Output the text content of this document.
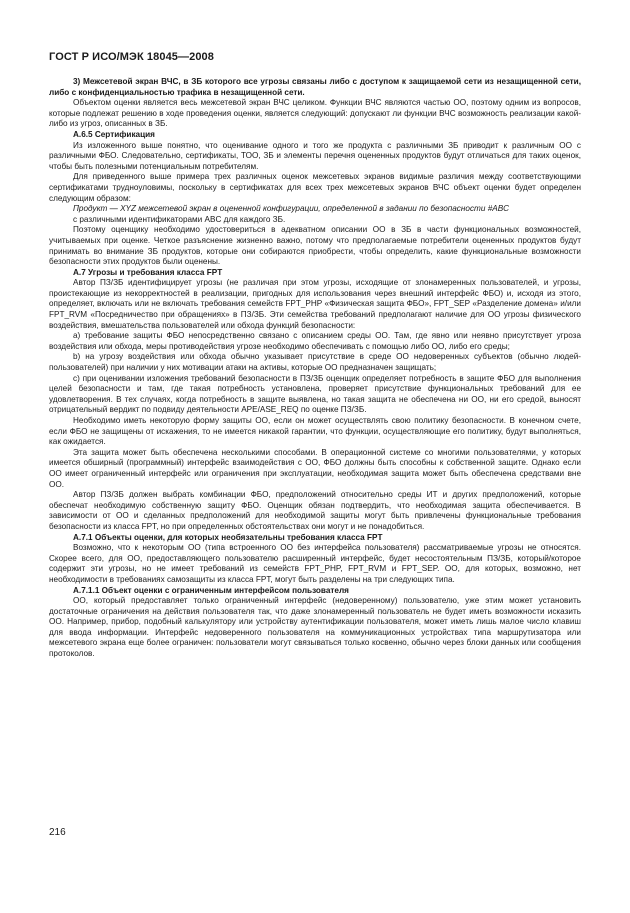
ГОСТ Р ИСО/МЭК 18045—2008

3) Межсетевой экран ВЧС, в ЗБ которого все угрозы связаны либо с доступом к защищаемой сети из незащищенной сети, либо с конфиденциальностью трафика в незащищенной сети.

Объектом оценки является весь межсетевой экран ВЧС целиком. Функции ВЧС являются частью ОО, поэтому одним из вопросов, которые подлежат решению в ходе проведения оценки, является следующий: допускают ли функции ВЧС возможность реализации какой-либо из угроз, описанных в ЗБ.

А.6.5 Сертификация

Из изложенного выше понятно, что оценивание одного и того же продукта с различными ЗБ приводит к различным ОО с различными ФБО. Следовательно, сертификаты, ТОО, ЗБ и элементы перечня оцененных продуктов будут отличаться для таких оценок, чтобы быть полезными потенциальным потребителям.

Для приведенного выше примера трех различных оценок межсетевых экранов видимые различия между соответствующими сертификатами труднoуловимы, поскольку в сертификатах для всех трех межсетевых экранов ВЧС объект оценки будет определен следующим образом:

Продукт — XYZ межсетевой экран в оцененной конфигурации, определенной в задании по безопасности #ABC

с различными идентификаторами ABC для каждого ЗБ.

Поэтому оценщику необходимо удостовериться в адекватном описании ОО в ЗБ в части функциональных возможностей, учитываемых при оценке. Четкое разъяснение жизненно важно, потому что предполагаемые потребители оцененных продуктов будут принимать во внимание ЗБ продуктов, которые они собираются приобрести, чтобы определить, какие функциональные возможности безопасности этих продуктов были оценены.

А.7 Угрозы и требования класса FPT

Автор ПЗ/ЗБ идентифицирует угрозы (не различая при этом угрозы, исходящие от злонамеренных пользователей, и угрозы, проистекающие из некорректностей в реализации, пригодных для использования через внешний интерфейс ФБО) и, исходя из этого, определяет, включать или не включать требования семейств FPT_PHP «Физическая защита ФБО», FPT_SEP «Разделение домена» и/или FPT_RVM «Посредничество при обращениях» в ПЗ/ЗБ. Эти семейства требований предполагают наличие для ОО угрозы физического воздействия, вмешательства пользователей или обхода функций безопасности:

a) требование защиты ФБО непосредственно связано с описанием среды ОО. Там, где явно или неявно присутствует угроза воздействия или обхода, меры противодействия угрозе необходимо обеспечивать с помощью либо ОО, либо его среды;

b) на угрозу воздействия или обхода обычно указывает присутствие в среде ОО недоверенных субъектов (обычно людей-пользователей) при наличии у них мотивации атаки на активы, которые ОО предназначен защищать;

c) при оценивании изложения требований безопасности в ПЗ/ЗБ оценщик определяет потребность в защите ФБО для выполнения целей безопасности и там, где такая потребность установлена, проверяет присутствие функциональных требований для ее удовлетворения. В тех случаях, когда потребность в защите выявлена, но такая защита не обеспечена ни ОО, ни его средой, выносят отрицательный вердикт по подвиду деятельности APE/ASE_REQ по оценке ПЗ/ЗБ.

Необходимо иметь некоторую форму защиты ОО, если он может осуществлять свою политику безопасности. В конечном счете, если ФБО не защищены от искажения, то не имеется никакой гарантии, что функции, осуществляющие его политику, будут выполняться, как ожидается.

Эта защита может быть обеспечена несколькими способами. В операционной системе со многими пользователями, у которых имеется обширный (программный) интерфейс взаимодействия с ОО, ФБО должны быть способны к собственной защите. Однако если ОО имеет ограниченный интерфейс или ограничения при эксплуатации, необходимая защита может быть обеспечена средствами вне ОО.

Автор ПЗ/ЗБ должен выбрать комбинации ФБО, предположений относительно среды ИТ и других предположений, которые обеспечат необходимую собственную защиту ФБО. Оценщик обязан подтвердить, что необходимая защита обеспечивается. В зависимости от ОО и сделанных предположений для необходимой защиты могут быть привлечены функциональные требования безопасности из класса FPT, но при определенных обстоятельствах они могут и не понадобиться.

А.7.1 Объекты оценки, для которых необязательны требования класса FPT

Возможно, что к некоторым ОО (типа встроенного ОО без интерфейса пользователя) рассматриваемые угрозы не относятся. Скорее всего, для ОО, предоставляющего пользователю расширенный интерфейс, будет несостоятельным ПЗ/ЗБ, который/которое содержит эти угрозы, но не имеет требований из семейств FPT_PHP, FPT_RVM и FPT_SEP. ОО, для которых, возможно, нет необходимости в требованиях самозащиты из класса FPT, могут быть разделены на три следующих типа.

А.7.1.1 Объект оценки с ограниченным интерфейсом пользователя

ОО, который предоставляет только ограниченный интерфейс (недоверенному) пользователю, уже этим может установить достаточные ограничения на действия пользователя так, что даже злонамеренный пользователь не будет иметь возможности исказить ОО. Например, прибор, подобный калькулятору или устройству аутентификации пользователя, может иметь лишь малое число клавиш для ввода информации. Интерфейс недоверенного пользователя на коммуникационных устройствах типа маршрутизатора или межсетевого экрана еще более ограничен: пользователи могут связываться только косвенно, обычно через блоки данных или сообщения протоколов.

216
